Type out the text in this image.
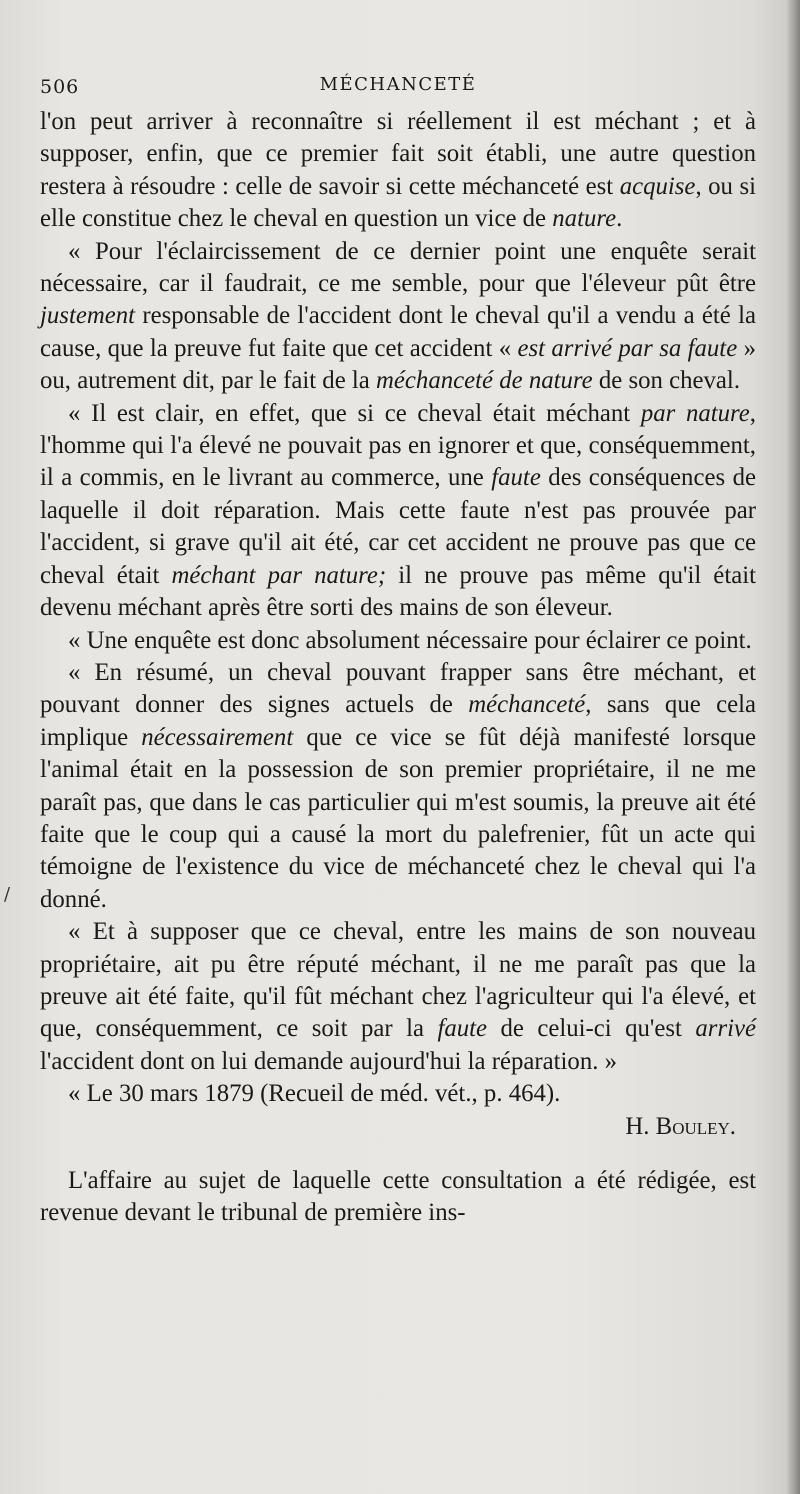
506	MÉCHANCETÉ

l'on peut arriver à reconnaître si réellement il est méchant ; et à supposer, enfin, que ce premier fait soit établi, une autre question restera à résoudre : celle de savoir si cette méchanceté est acquise, ou si elle constitue chez le cheval en question un vice de nature.

« Pour l'éclaircissement de ce dernier point une enquête serait nécessaire, car il faudrait, ce me semble, pour que l'éleveur pût être justement responsable de l'accident dont le cheval qu'il a vendu a été la cause, que la preuve fut faite que cet accident « est arrivé par sa faute » ou, autrement dit, par le fait de la méchanceté de nature de son cheval.

« Il est clair, en effet, que si ce cheval était méchant par nature, l'homme qui l'a élevé ne pouvait pas en ignorer et que, conséquemment, il a commis, en le livrant au commerce, une faute des conséquences de laquelle il doit réparation. Mais cette faute n'est pas prouvée par l'accident, si grave qu'il ait été, car cet accident ne prouve pas que ce cheval était méchant par nature; il ne prouve pas même qu'il était devenu méchant après être sorti des mains de son éleveur.

« Une enquête est donc absolument nécessaire pour éclairer ce point.

« En résumé, un cheval pouvant frapper sans être méchant, et pouvant donner des signes actuels de méchanceté, sans que cela implique nécessairement que ce vice se fût déjà manifesté lorsque l'animal était en la possession de son premier propriétaire, il ne me paraît pas, que dans le cas particulier qui m'est soumis, la preuve ait été faite que le coup qui a causé la mort du palefrenier, fût un acte qui témoigne de l'existence du vice de méchanceté chez le cheval qui l'a donné.

« Et à supposer que ce cheval, entre les mains de son nouveau propriétaire, ait pu être réputé méchant, il ne me paraît pas que la preuve ait été faite, qu'il fût méchant chez l'agriculteur qui l'a élevé, et que, conséquemment, ce soit par la faute de celui-ci qu'est arrivé l'accident dont on lui demande aujourd'hui la réparation. »

« Le 30 mars 1879 (Recueil de méd. vét., p. 464).

H. Bouley.

L'affaire au sujet de laquelle cette consultation a été rédigée, est revenue devant le tribunal de première ins-

/
